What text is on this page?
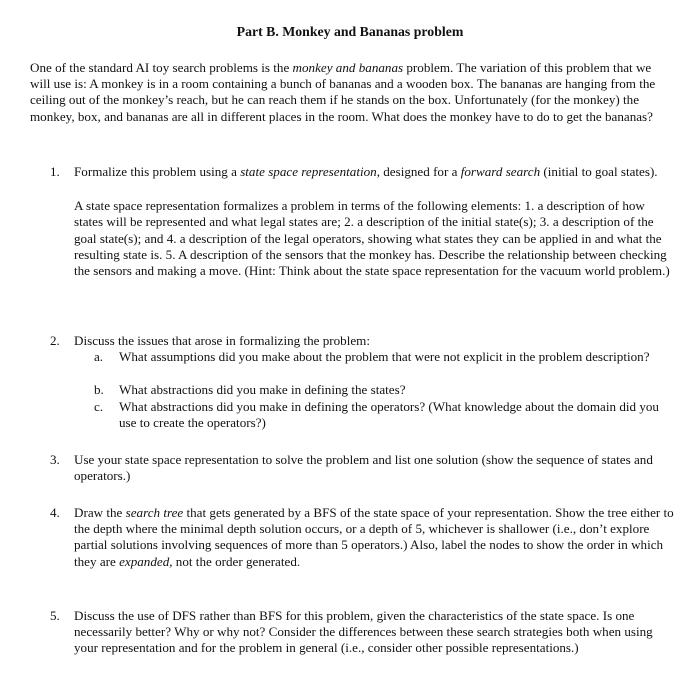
Part B. Monkey and Bananas problem
One of the standard AI toy search problems is the monkey and bananas problem. The variation of this problem that we will use is: A monkey is in a room containing a bunch of bananas and a wooden box. The bananas are hanging from the ceiling out of the monkey’s reach, but he can reach them if he stands on the box. Unfortunately (for the monkey) the monkey, box, and bananas are all in different places in the room. What does the monkey have to do to get the bananas?
1. Formalize this problem using a state space representation, designed for a forward search (initial to goal states).

A state space representation formalizes a problem in terms of the following elements: 1. a description of how states will be represented and what legal states are; 2. a description of the initial state(s); 3. a description of the goal state(s); and 4. a description of the legal operators, showing what states they can be applied in and what the resulting state is. 5. A description of the sensors that the monkey has. Describe the relationship between checking the sensors and making a move. (Hint: Think about the state space representation for the vacuum world problem.)

2. Discuss the issues that arose in formalizing the problem:

a. What assumptions did you make about the problem that were not explicit in the problem description?
b. What abstractions did you make in defining the states?
c. What abstractions did you make in defining the operators? (What knowledge about the domain did you use to create the operators?)
3. Use your state space representation to solve the problem and list one solution (show the sequence of states and operators.)

4. Draw the search tree that gets generated by a BFS of the state space of your representation. Show the tree either to the depth where the minimal depth solution occurs, or a depth of 5, whichever is shallower (i.e., don’t explore partial solutions involving sequences of more than 5 operators.) Also, label the nodes to show the order in which they are expanded, not the order generated.

5. Discuss the use of DFS rather than BFS for this problem, given the characteristics of the state space. Is one necessarily better? Why or why not? Consider the differences between these search strategies both when using your representation and for the problem in general (i.e., consider other possible representations.)
